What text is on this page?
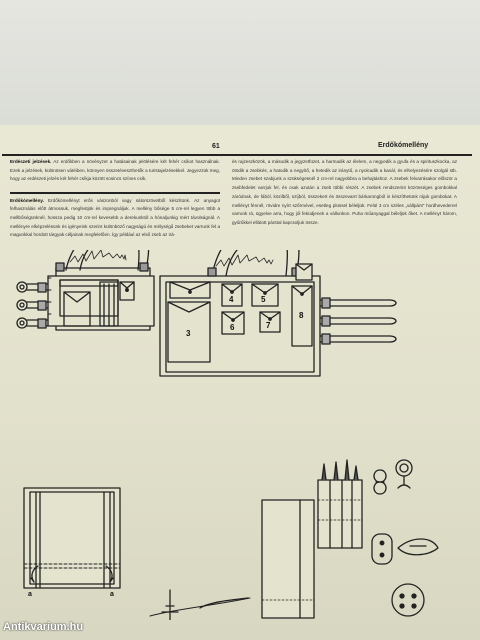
61	Erdőkómellény
Erdészeti jelzések. Az erdőkben a növényzet a hatásainak jelölésére két fehér csíkot használnak. Ezek a jelzések, különösen vátéiben, könnyen összetéveszthetők a turistajelzésekkel. Jegyezzük meg, hogy az erdészeti jelzés két fehér csíkja között sosincs színes csík.
Erdőkómellény. Erdőkómellényt erős vászonból vagy sátorszövetből készítünk. Az anyagot felhasználás előtt átmossuk, megfestjük és impregnáljuk. A mellény bősége 5 cm-rel legyen több a mellbőségünknél, hossza pedig 10 cm-rel kevesebb a derekunktól a hónaljunkig mért távolságnál. A mellényre elképzelésünk és igényeink szerint különböző nagyságú és mélységű zsebeket varrunk fel a magunkkal hordott tárgyak céljainak megfelelően. Így például az első zseb az irá-
és rajzeszközök, a második a jegyzetfüzet, a harmadik az élelem, a negyedik a gyufa és a spirituszkocka, az ötödik a zsebkés, a hatodik a negyítő, a hetedik az iránytű, a nyolcadik a kanál, és elhelyezésére szolgál stb. Minden zsebet szabjunk a szükségesnél 2 cm-rel nagyobbra a behajtáshoz. A zsebek felvarrásakor először a zsebfedelet varrjuk fel, és csak azután a zseb többi részét. A zsebek rendszerint közönséges gombokkal záródnak, de fából, közilből, szíjból, összekert és összevarrt bárkarongból is készíthetünk rájuk gombokat. A mellényt fénnél, rövidre nyírt szőrmével, esetleg plüssel béleljük. Felül 3 cm széles „vállpánt" hordhevederrel varrunk rá, ügyelve arra, hogy jól feküdjenek a vállunkon. Puha műanyaggal béleljük őket. A mellényt három, gyűrűkkel ellátott pánttal kapcsoljuk össze.
3
4	5
6	7
8
a	a
Antikvarium.hu
